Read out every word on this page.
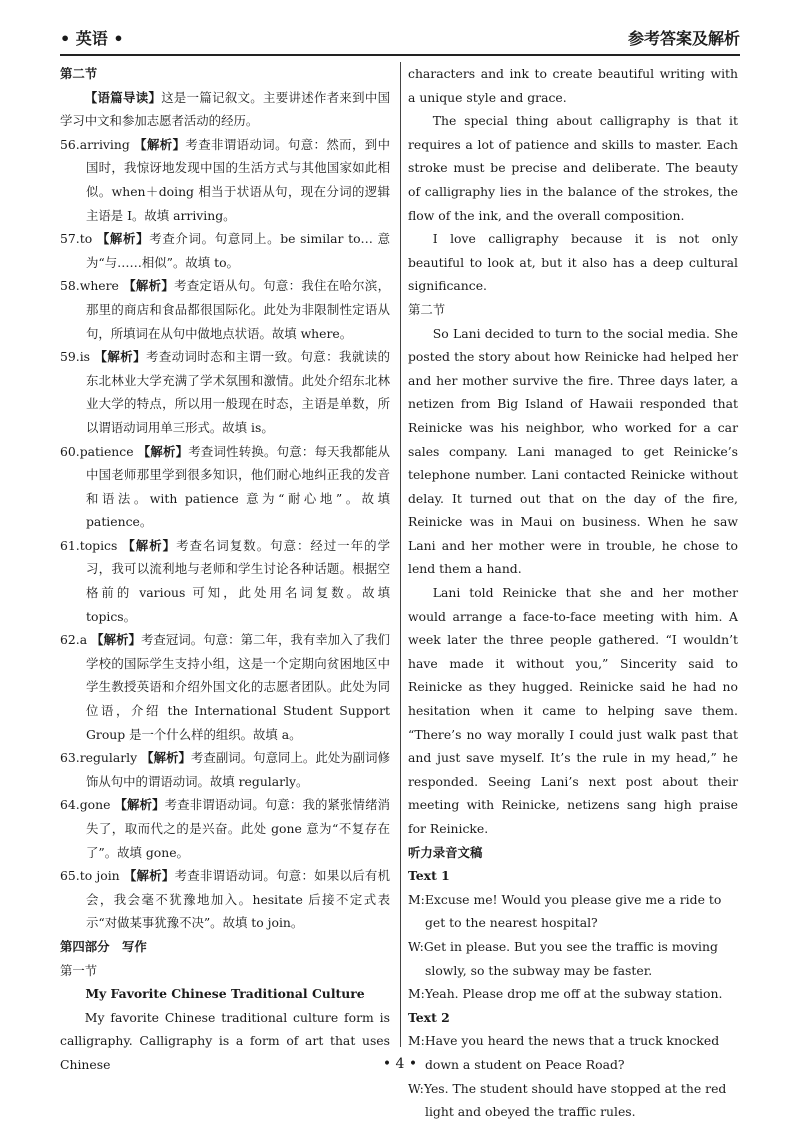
• 英语 •	参考答案及解析

第二节

【语篇导读】这是一篇记叙文。主要讲述作者来到中国学习中文和参加志愿者活动的经历。

56.arriving 【解析】考查非谓语动词。句意：然而，到中国时，我惊讶地发现中国的生活方式与其他国家如此相似。when＋doing 相当于状语从句，现在分词的逻辑主语是 I。故填 arriving。

57.to 【解析】考查介词。句意同上。be similar to… 意为“与……相似”。故填 to。

58.where 【解析】考查定语从句。句意：我住在哈尔滨，那里的商店和食品都很国际化。此处为非限制性定语从句，所填词在从句中做地点状语。故填 where。

59.is 【解析】考查动词时态和主谓一致。句意：我就读的东北林业大学充满了学术氛围和激情。此处介绍东北林业大学的特点，所以用一般现在时态，主语是单数，所以谓语动词用单三形式。故填 is。

60.patience 【解析】考查词性转换。句意：每天我都能从中国老师那里学到很多知识，他们耐心地纠正我的发音和语法。with patience 意为“耐心地”。故填 patience。

61.topics 【解析】考查名词复数。句意：经过一年的学习，我可以流利地与老师和学生讨论各种话题。根据空格前的 various 可知，此处用名词复数。故填 topics。

62.a 【解析】考查冠词。句意：第二年，我有幸加入了我们学校的国际学生支持小组，这是一个定期向贫困地区中学生教授英语和介绍外国文化的志愿者团队。此处为同位语，介绍 the International Student Support Group 是一个什么样的组织。故填 a。

63.regularly 【解析】考查副词。句意同上。此处为副词修饰从句中的谓语动词。故填 regularly。

64.gone 【解析】考查非谓语动词。句意：我的紧张情绪消失了，取而代之的是兴奋。此处 gone 意为“不复存在了”。故填 gone。

65.to join 【解析】考查非谓语动词。句意：如果以后有机会，我会毫不犹豫地加入。hesitate 后接不定式表示“对做某事犹豫不决”。故填 to join。

第四部分　写作

第一节

My Favorite Chinese Traditional Culture

My favorite Chinese traditional culture form is calligraphy. Calligraphy is a form of art that uses Chinese

characters and ink to create beautiful writing with a unique style and grace.

The special thing about calligraphy is that it requires a lot of patience and skills to master. Each stroke must be precise and deliberate. The beauty of calligraphy lies in the balance of the strokes, the flow of the ink, and the overall composition.

I love calligraphy because it is not only beautiful to look at, but it also has a deep cultural significance.

第二节

So Lani decided to turn to the social media. She posted the story about how Reinicke had helped her and her mother survive the fire. Three days later, a netizen from Big Island of Hawaii responded that Reinicke was his neighbor, who worked for a car sales company. Lani managed to get Reinicke’s telephone number. Lani contacted Reinicke without delay. It turned out that on the day of the fire, Reinicke was in Maui on business. When he saw Lani and her mother were in trouble, he chose to lend them a hand.

Lani told Reinicke that she and her mother would arrange a face-to-face meeting with him. A week later the three people gathered. “I wouldn’t have made it without you,” Sincerity said to Reinicke as they hugged. Reinicke said he had no hesitation when it came to helping save them. “There’s no way morally I could just walk past that and just save myself. It’s the rule in my head,” he responded. Seeing Lani’s next post about their meeting with Reinicke, netizens sang high praise for Reinicke.

听力录音文稿

Text 1

M:Excuse me! Would you please give me a ride to get to the nearest hospital?

W:Get in please. But you see the traffic is moving slowly, so the subway may be faster.

M:Yeah. Please drop me off at the subway station.

Text 2

M:Have you heard the news that a truck knocked down a student on Peace Road?

W:Yes. The student should have stopped at the red light and obeyed the traffic rules.

• 4 •
